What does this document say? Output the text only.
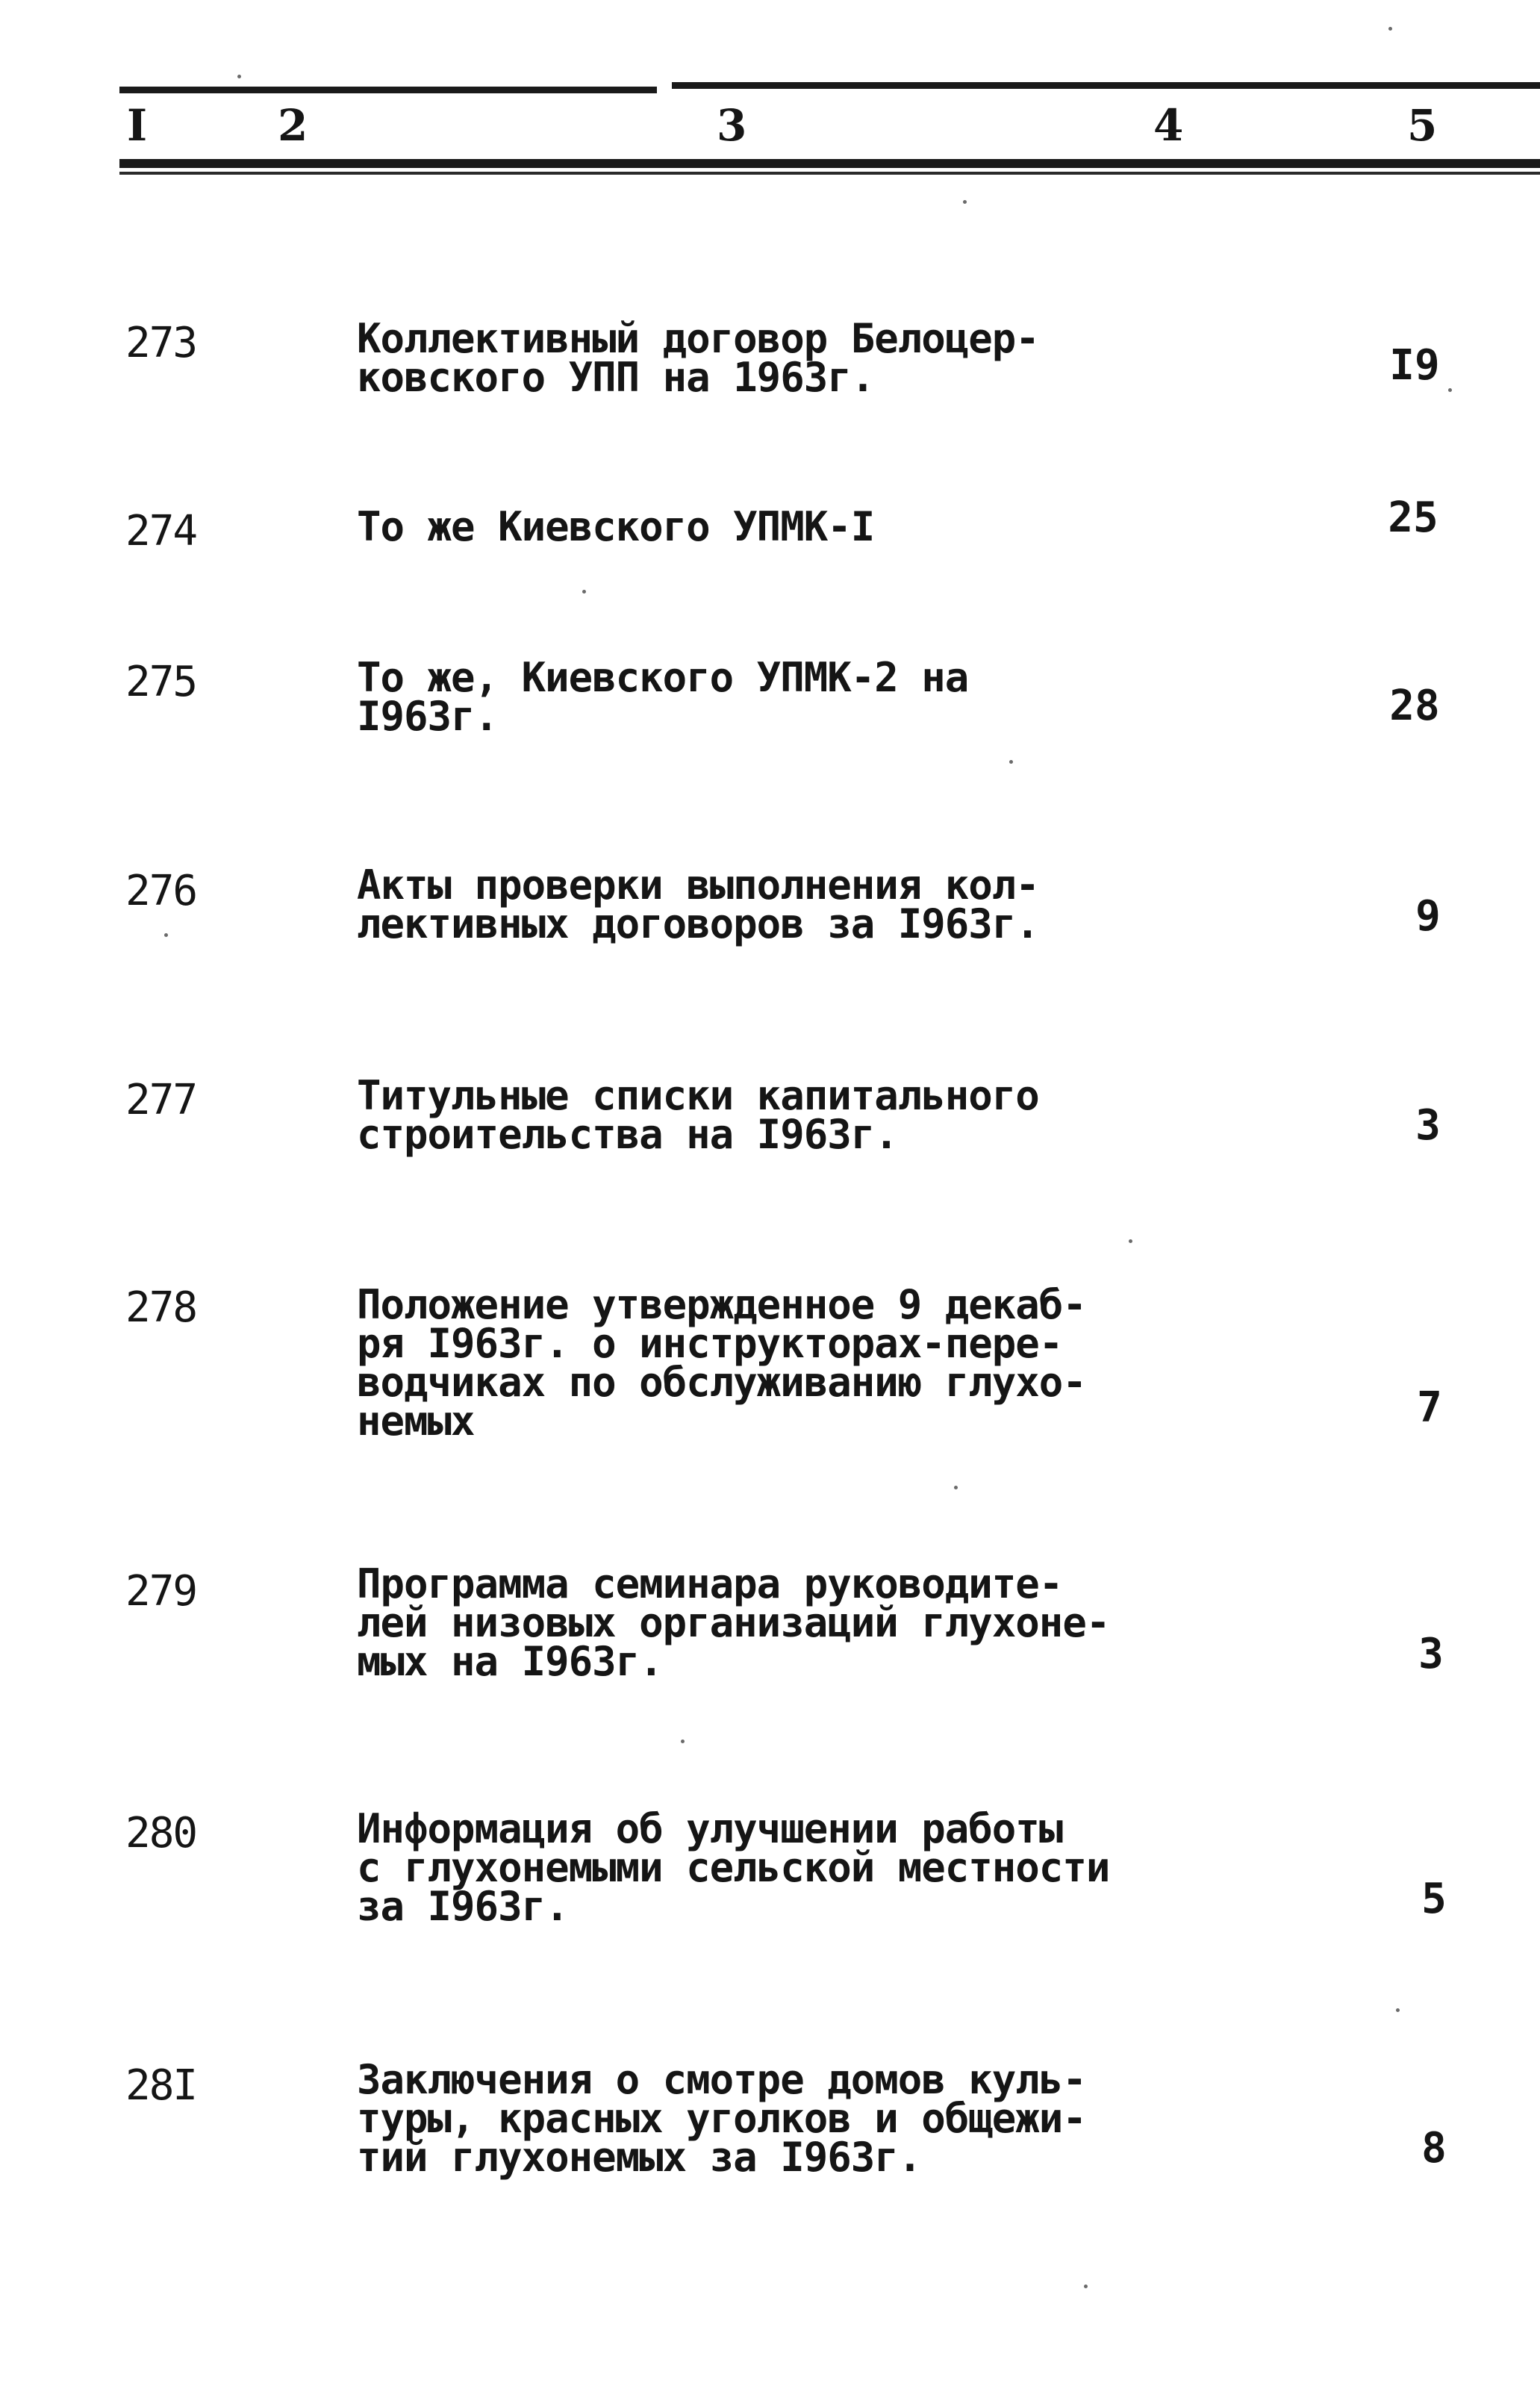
I	2	3	4	5
273	Коллективный договор Белоцер-
ковского УПП на 1963г.	I9
274	То же Киевского УПМК-I	25
275	То же, Киевского УПМК-2 на
I963г.	28
276	Акты проверки выполнения кол-
лективных договоров за I963г.	9
277	Титульные списки капитального
строительства на I963г.	3
278	Положение утвержденное 9 декаб-
ря I963г. о инструкторах-пере-
водчиках по обслуживанию глухо-
немых	7
279	Программа семинара руководите-
лей низовых организаций глухоне-
мых на I963г.	3
280	Информация об улучшении работы
с глухонемыми сельской местности
за I963г.	5
28I	Заключения о смотре домов куль-
туры, красных уголков и общежи-
тий глухонемых за I963г.	8
